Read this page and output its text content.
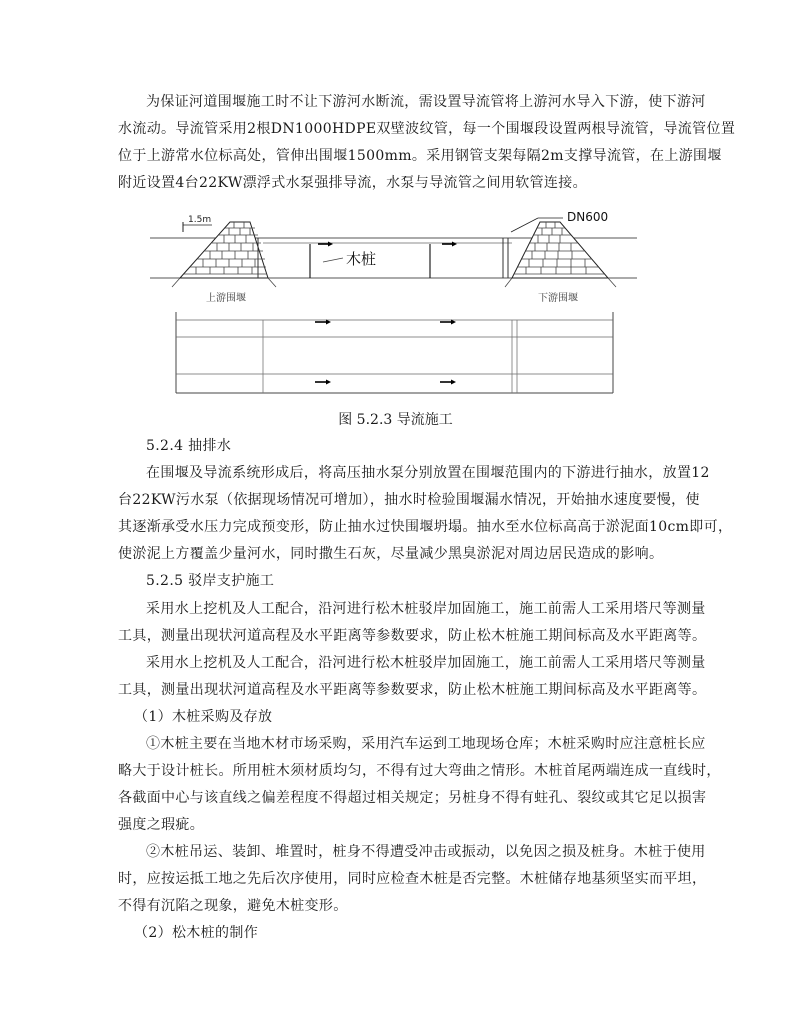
为保证河道围堰施工时不让下游河水断流，需设置导流管将上游河水导入下游，使下游河
水流动。导流管采用2根DN1000HDPE双壁波纹管，每一个围堰段设置两根导流管，导流管位置
位于上游常水位标高处，管伸出围堰1500mm。采用钢管支架每隔2m支撑导流管，在上游围堰
附近设置4台22KW漂浮式水泵强排导流，水泵与导流管之间用软管连接。
1.5m	DN600
木桩
上游围堰	下游围堰
图 5.2.3 导流施工
5.2.4 抽排水
在围堰及导流系统形成后，将高压抽水泵分别放置在围堰范围内的下游进行抽水，放置12
台22KW污水泵（依据现场情况可增加），抽水时检验围堰漏水情况，开始抽水速度要慢，使
其逐渐承受水压力完成预变形，防止抽水过快围堰坍塌。抽水至水位标高高于淤泥面10cm即可，
使淤泥上方覆盖少量河水，同时撒生石灰，尽量减少黑臭淤泥对周边居民造成的影响。
5.2.5 驳岸支护施工
采用水上挖机及人工配合，沿河进行松木桩驳岸加固施工，施工前需人工采用塔尺等测量
工具，测量出现状河道高程及水平距离等参数要求，防止松木桩施工期间标高及水平距离等。
采用水上挖机及人工配合，沿河进行松木桩驳岸加固施工，施工前需人工采用塔尺等测量
工具，测量出现状河道高程及水平距离等参数要求，防止松木桩施工期间标高及水平距离等。
（1）木桩采购及存放
①木桩主要在当地木材市场采购，采用汽车运到工地现场仓库；木桩采购时应注意桩长应
略大于设计桩长。所用桩木须材质均匀，不得有过大弯曲之情形。木桩首尾两端连成一直线时，
各截面中心与该直线之偏差程度不得超过相关规定；另桩身不得有蛀孔、裂纹或其它足以损害
强度之瑕疵。
②木桩吊运、装卸、堆置时，桩身不得遭受冲击或振动，以免因之损及桩身。木桩于使用
时，应按运抵工地之先后次序使用，同时应检查木桩是否完整。木桩储存地基须坚实而平坦，
不得有沉陷之现象，避免木桩变形。
（2）松木桩的制作
